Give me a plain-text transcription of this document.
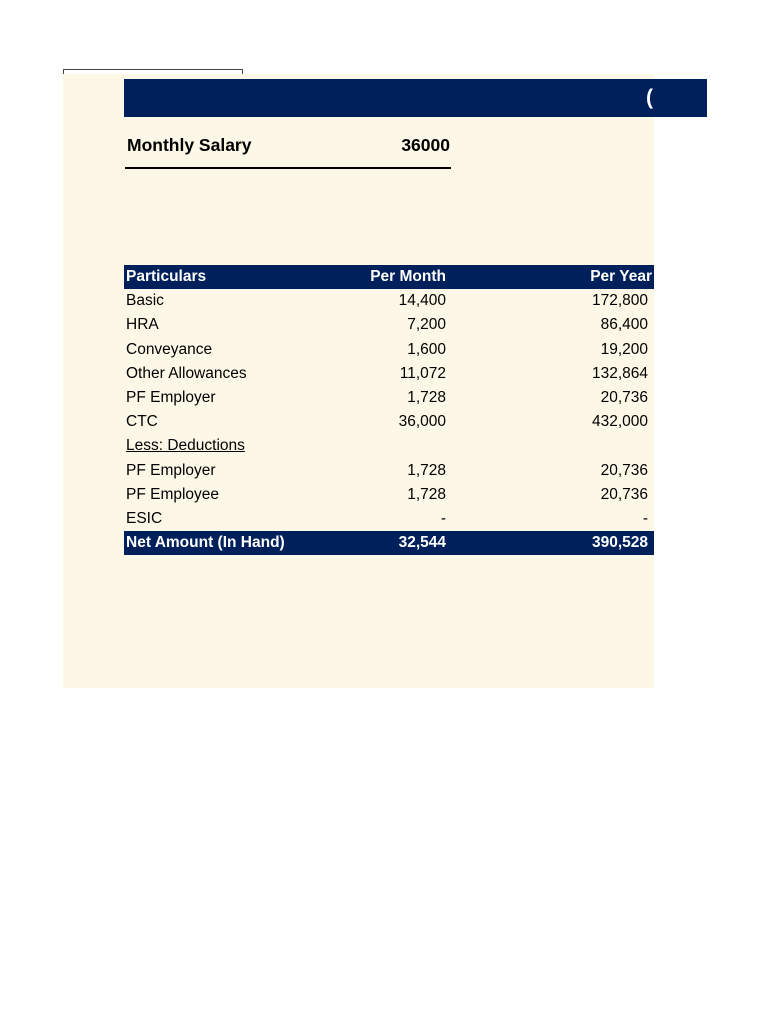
(
Monthly Salary	36000
Particulars	Per Month	Per Year
Basic	14,400	172,800
HRA	7,200	86,400
Conveyance	1,600	19,200
Other Allowances	11,072	132,864
PF Employer	1,728	20,736
CTC	36,000	432,000
Less: Deductions
PF Employer	1,728	20,736
PF Employee	1,728	20,736
ESIC	-	-
Net Amount (In Hand)	32,544	390,528
